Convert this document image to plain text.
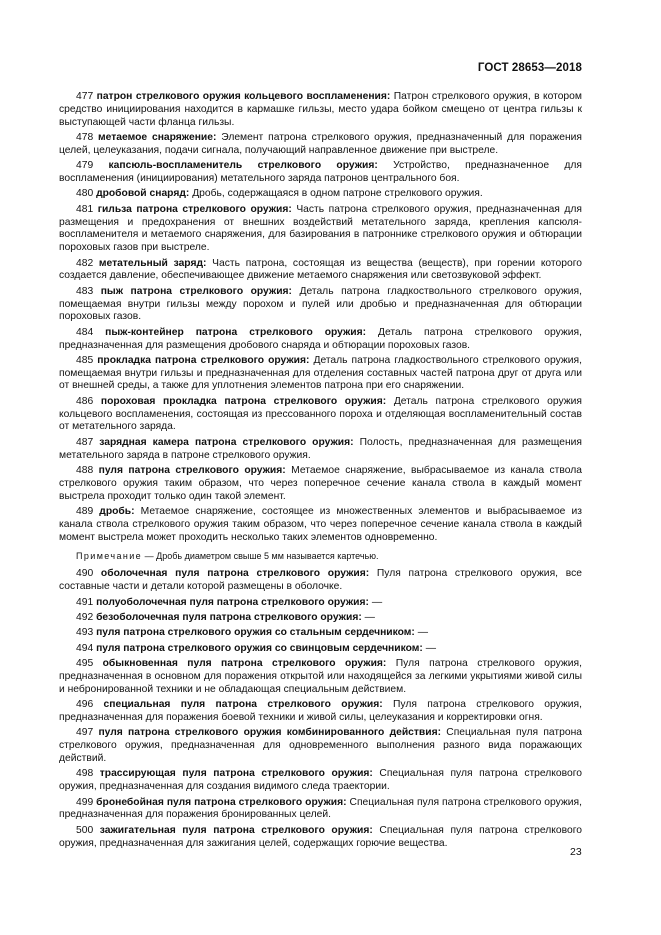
ГОСТ 28653—2018

477 патрон стрелкового оружия кольцевого воспламенения: Патрон стрелкового оружия, в котором средство инициирования находится в кармашке гильзы, место удара бойком смещено от центра гильзы к выступающей части фланца гильзы.

478 метаемое снаряжение: Элемент патрона стрелкового оружия, предназначенный для поражения целей, целеуказания, подачи сигнала, получающий направленное движение при выстреле.

479 капсюль-воспламенитель стрелкового оружия: Устройство, предназначенное для воспламенения (инициирования) метательного заряда патронов центрального боя.

480 дробовой снаряд: Дробь, содержащаяся в одном патроне стрелкового оружия.

481 гильза патрона стрелкового оружия: Часть патрона стрелкового оружия, предназначенная для размещения и предохранения от внешних воздействий метательного заряда, крепления капсюля-воспламенителя и метаемого снаряжения, для базирования в патроннике стрелкового оружия и обтюрации пороховых газов при выстреле.

482 метательный заряд: Часть патрона, состоящая из вещества (веществ), при горении которого создается давление, обеспечивающее движение метаемого снаряжения или светозвуковой эффект.

483 пыж патрона стрелкового оружия: Деталь патрона гладкоствольного стрелкового оружия, помещаемая внутри гильзы между порохом и пулей или дробью и предназначенная для обтюрации пороховых газов.

484 пыж-контейнер патрона стрелкового оружия: Деталь патрона стрелкового оружия, предназначенная для размещения дробового снаряда и обтюрации пороховых газов.

485 прокладка патрона стрелкового оружия: Деталь патрона гладкоствольного стрелкового оружия, помещаемая внутри гильзы и предназначенная для отделения составных частей патрона друг от друга или от внешней среды, а также для уплотнения элементов патрона при его снаряжении.

486 пороховая прокладка патрона стрелкового оружия: Деталь патрона стрелкового оружия кольцевого воспламенения, состоящая из прессованного пороха и отделяющая воспламенительный состав от метательного заряда.

487 зарядная камера патрона стрелкового оружия: Полость, предназначенная для размещения метательного заряда в патроне стрелкового оружия.

488 пуля патрона стрелкового оружия: Метаемое снаряжение, выбрасываемое из канала ствола стрелкового оружия таким образом, что через поперечное сечение канала ствола в каждый момент выстрела проходит только один такой элемент.

489 дробь: Метаемое снаряжение, состоящее из множественных элементов и выбрасываемое из канала ствола стрелкового оружия таким образом, что через поперечное сечение канала ствола в каждый момент выстрела может проходить несколько таких элементов одновременно.

Примечание — Дробь диаметром свыше 5 мм называется картечью.

490 оболочечная пуля патрона стрелкового оружия: Пуля патрона стрелкового оружия, все составные части и детали которой размещены в оболочке.

491 полуоболочечная пуля патрона стрелкового оружия: —

492 безоболочечная пуля патрона стрелкового оружия: —

493 пуля патрона стрелкового оружия со стальным сердечником: —

494 пуля патрона стрелкового оружия со свинцовым сердечником: —

495 обыкновенная пуля патрона стрелкового оружия: Пуля патрона стрелкового оружия, предназначенная в основном для поражения открытой или находящейся за легкими укрытиями живой силы и небронированной техники и не обладающая специальным действием.

496 специальная пуля патрона стрелкового оружия: Пуля патрона стрелкового оружия, предназначенная для поражения боевой техники и живой силы, целеуказания и корректировки огня.

497 пуля патрона стрелкового оружия комбинированного действия: Специальная пуля патрона стрелкового оружия, предназначенная для одновременного выполнения разного вида поражающих действий.

498 трассирующая пуля патрона стрелкового оружия: Специальная пуля патрона стрелкового оружия, предназначенная для создания видимого следа траектории.

499 бронебойная пуля патрона стрелкового оружия: Специальная пуля патрона стрелкового оружия, предназначенная для поражения бронированных целей.

500 зажигательная пуля патрона стрелкового оружия: Специальная пуля патрона стрелкового оружия, предназначенная для зажигания целей, содержащих горючие вещества.

23
